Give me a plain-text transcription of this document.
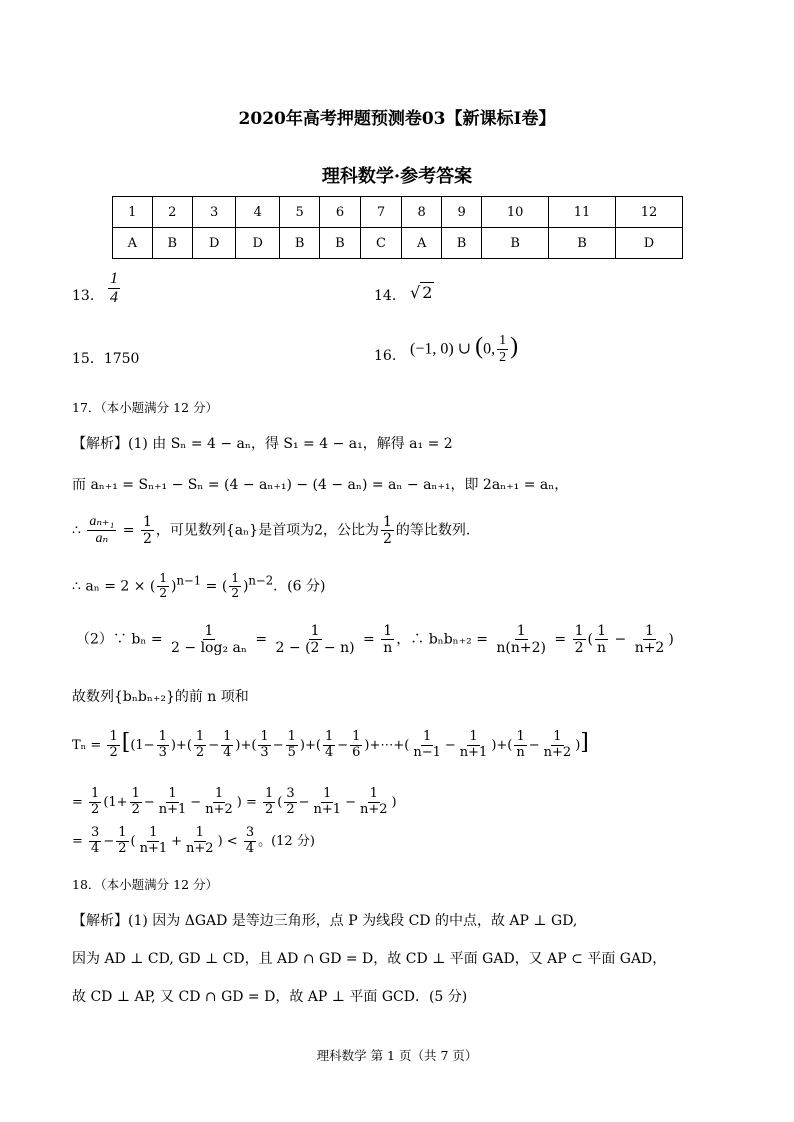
2020年高考押题预测卷03【新课标Ⅰ卷】
理科数学·参考答案
1	2	3	4	5	6	7	8	9	10	11	12
A	B	D	D	B	B	C	A	B	B	B	D
13. $\frac{1}{4}$	14. √ 2
15．1750	16. (−1, 0) ∪ (0, $\frac{1}{2}$ )
17．（本小题满分 12 分）
【解析】(1) 由 Sₙ = 4 − aₙ，得 S₁ = 4 − a₁，解得 a₁ = 2
而 aₙ₊₁ = Sₙ₊₁ − Sₙ = (4 − aₙ₊₁) − (4 − aₙ) = aₙ − aₙ₊₁，即 2aₙ₊₁ = aₙ，
∴ $\frac{\text{aₙ₊₁}}{\text{aₙ}} = \frac{1}{2}$ ，可见数列{aₙ}是首项为2，公比为 $\frac{1}{2}$ 的等比数列.
∴ aₙ = 2 × ( $\frac{1}{2} )^{n-1}$ = ( $\frac{1}{2} )^{n-2}$．(6 分)
（2）∵ $b_n = \frac{1}{\text{2 − log₂ aₙ}} = \frac{1}{2 - (2 - n)} = \frac{1}{n}$ ，∴ $b_nb_{n+2} = \frac{1}{n(n+2)} = \frac{1}{2}$ ( $\frac{1}{n} - \frac{1}{n+2}$ )
故数列{bₙbₙ₊₂}的前 n 项和
$T_n = \frac{1}{2} [(1- \frac{1}{3}$ )+( $\frac{1}{2} - \frac{1}{4}$ )+( $\frac{1}{3} - \frac{1}{5}$ )+( $\frac{1}{4} - \frac{1}{6}$ )+⋯+( $\frac{1}{n-1} - \frac{1}{n+1}$ )+( $\frac{1}{n} - \frac{1}{n+2}$ )]
= $\frac{1}{2} (1+ \frac{1}{2} - \frac{1}{n+1} - \frac{1}{n+2}$ ) = $\frac{1}{2}$ ( $\frac{3}{2} - \frac{1}{n+1} - \frac{1}{n+2}$ )
= $\frac{3}{4} - \frac{1}{2}$ ( $\frac{1}{n+1} + \frac{1}{n+2}$ ) < $\frac{3}{4}$ 。(12 分)
18．（本小题满分 12 分）
【解析】(1) 因为 ΔGAD 是等边三角形，点 P 为线段 CD 的中点，故 AP ⊥ GD,
因为 AD ⊥ CD, GD ⊥ CD，且 AD ∩ GD = D，故 CD ⊥ 平面 GAD，又 AP ⊂ 平面 GAD，
故 CD ⊥ AP, 又 CD ∩ GD = D，故 AP ⊥ 平面 GCD．(5 分)
理科数学 第 1 页（共 7 页）
